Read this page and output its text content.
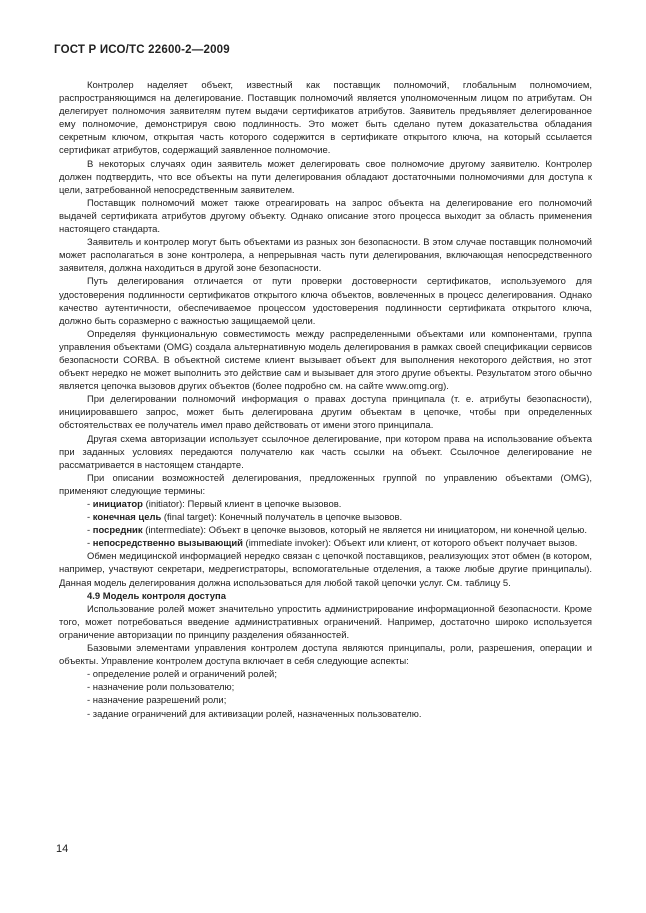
ГОСТ Р ИСО/ТС 22600-2—2009

Контролер наделяет объект, известный как поставщик полномочий, глобальным полномочием, распространяющимся на делегирование. Поставщик полномочий является уполномоченным лицом по атрибутам. Он делегирует полномочия заявителям путем выдачи сертификатов атрибутов. Заявитель предъявляет делегированное ему полномочие, демонстрируя свою подлинность. Это может быть сделано путем доказательства обладания секретным ключом, открытая часть которого содержится в сертификате открытого ключа, на который ссылается сертификат атрибутов, содержащий заявленное полномочие.

В некоторых случаях один заявитель может делегировать свое полномочие другому заявителю. Контролер должен подтвердить, что все объекты на пути делегирования обладают достаточными полномочиями для доступа к цели, затребованной непосредственным заявителем.

Поставщик полномочий может также отреагировать на запрос объекта на делегирование его полномочий выдачей сертификата атрибутов другому объекту. Однако описание этого процесса выходит за область применения настоящего стандарта.

Заявитель и контролер могут быть объектами из разных зон безопасности. В этом случае поставщик полномочий может располагаться в зоне контролера, а непрерывная часть пути делегирования, включающая непосредственного заявителя, должна находиться в другой зоне безопасности.

Путь делегирования отличается от пути проверки достоверности сертификатов, используемого для удостоверения подлинности сертификатов открытого ключа объектов, вовлеченных в процесс делегирования. Однако качество аутентичности, обеспечиваемое процессом удостоверения подлинности сертификата открытого ключа, должно быть соразмерно с важностью защищаемой цели.

Определяя функциональную совместимость между распределенными объектами или компонентами, группа управления объектами (OMG) создала альтернативную модель делегирования в рамках своей спецификации сервисов безопасности CORBA. В объектной системе клиент вызывает объект для выполнения некоторого действия, но этот объект нередко не может выполнить это действие сам и вызывает для этого другие объекты. Результатом этого обычно является цепочка вызовов других объектов (более подробно см. на сайте www.omg.org).

При делегировании полномочий информация о правах доступа принципала (т. е. атрибуты безопасности), инициировавшего запрос, может быть делегирована другим объектам в цепочке, чтобы при определенных обстоятельствах ее получатель имел право действовать от имени этого принципала.

Другая схема авторизации использует ссылочное делегирование, при котором права на использование объекта при заданных условиях передаются получателю как часть ссылки на объект. Cсылочное делегирование не рассматривается в настоящем стандарте.

При описании возможностей делегирования, предложенных группой по управлению объектами (OMG), применяют следующие термины:

- инициатор (initiator): Первый клиент в цепочке вызовов.

- конечная цель (final target): Конечный получатель в цепочке вызовов.

- посредник (intermediate): Объект в цепочке вызовов, который не является ни инициатором, ни конечной целью.

- непосредственно вызывающий (immediate invoker): Объект или клиент, от которого объект получает вызов.

Обмен медицинской информацией нередко связан с цепочкой поставщиков, реализующих этот обмен (в котором, например, участвуют секретари, медрегистраторы, вспомогательные отделения, а также любые другие принципалы). Данная модель делегирования должна использоваться для любой такой цепочки услуг. См. таблицу 5.

4.9 Модель контроля доступа

Использование ролей может значительно упростить администрирование информационной безопасности. Кроме того, может потребоваться введение административных ограничений. Например, достаточно широко используется ограничение авторизации по принципу разделения обязанностей.

Базовыми элементами управления контролем доступа являются принципалы, роли, разрешения, операции и объекты. Управление контролем доступа включает в себя следующие аспекты:

- определение ролей и ограничений ролей;

- назначение роли пользователю;

- назначение разрешений роли;

- задание ограничений для активизации ролей, назначенных пользователю.

14
